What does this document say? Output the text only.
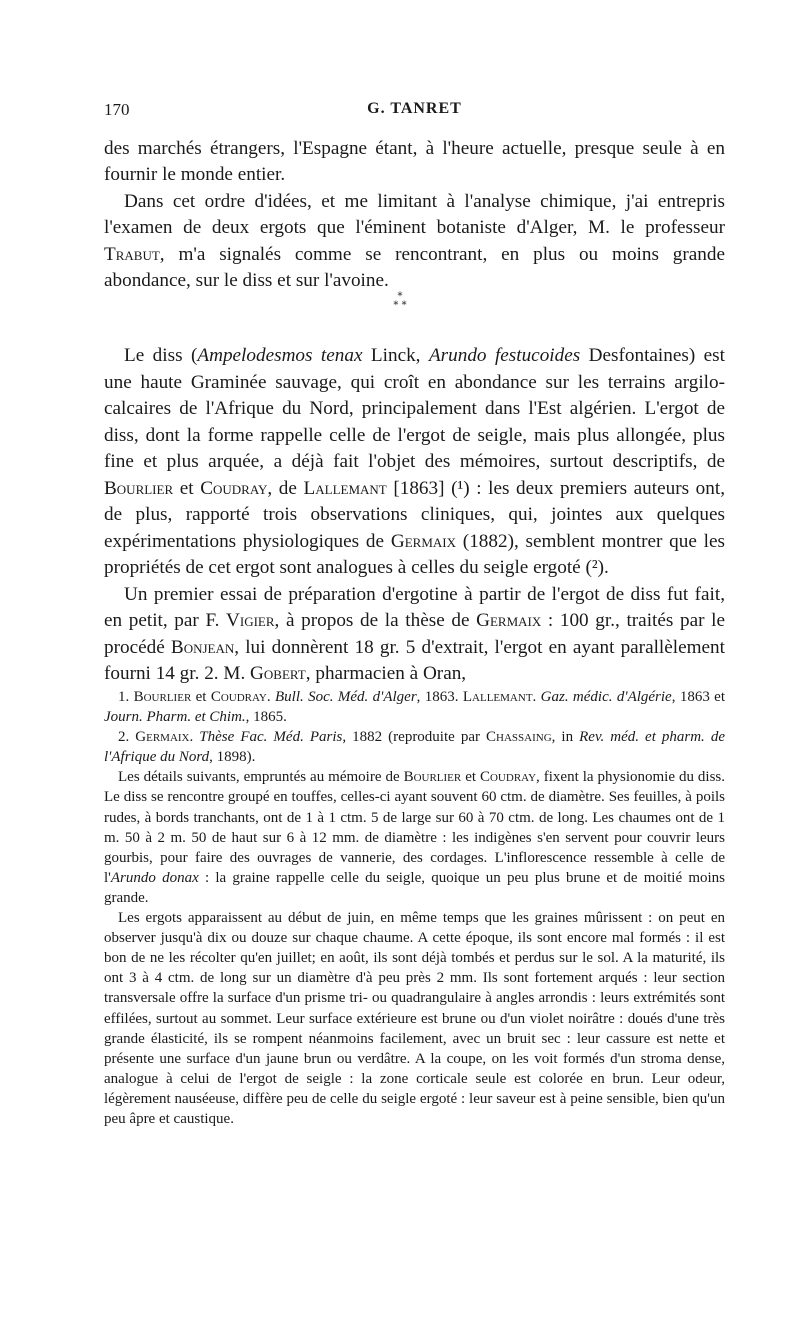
170	G. TANRET

des marchés étrangers, l'Espagne étant, à l'heure actuelle, presque seule à en fournir le monde entier.

Dans cet ordre d'idées, et me limitant à l'analyse chimique, j'ai entrepris l'examen de deux ergots que l'éminent botaniste d'Alger, M. le professeur Trabut, m'a signalés comme se rencontrant, en plus ou moins grande abondance, sur le diss et sur l'avoine.

*
* *

Le diss (Ampelodesmos tenax Linck, Arundo festucoides Desfontaines) est une haute Graminée sauvage, qui croît en abondance sur les terrains argilo-calcaires de l'Afrique du Nord, principalement dans l'Est algérien. L'ergot de diss, dont la forme rappelle celle de l'ergot de seigle, mais plus allongée, plus fine et plus arquée, a déjà fait l'objet des mémoires, surtout descriptifs, de Bourlier et Coudray, de Lallemant [1863] (¹) : les deux premiers auteurs ont, de plus, rapporté trois observations cliniques, qui, jointes aux quelques expérimentations physiologiques de Germaix (1882), semblent montrer que les propriétés de cet ergot sont analogues à celles du seigle ergoté (²).

Un premier essai de préparation d'ergotine à partir de l'ergot de diss fut fait, en petit, par F. Vigier, à propos de la thèse de Germaix : 100 gr., traités par le procédé Bonjean, lui donnèrent 18 gr. 5 d'extrait, l'ergot en ayant parallèlement fourni 14 gr. 2. M. Gobert, pharmacien à Oran,

1. Bourlier et Coudray. Bull. Soc. Méd. d'Alger, 1863. Lallemant. Gaz. médic. d'Algérie, 1863 et Journ. Pharm. et Chim., 1865.

2. Germaix. Thèse Fac. Méd. Paris, 1882 (reproduite par Chassaing, in Rev. méd. et pharm. de l'Afrique du Nord, 1898).

Les détails suivants, empruntés au mémoire de Bourlier et Coudray, fixent la physionomie du diss. Le diss se rencontre groupé en touffes, celles-ci ayant souvent 60 ctm. de diamètre. Ses feuilles, à poils rudes, à bords tranchants, ont de 1 à 1 ctm. 5 de large sur 60 à 70 ctm. de long. Les chaumes ont de 1 m. 50 à 2 m. 50 de haut sur 6 à 12 mm. de diamètre : les indigènes s'en servent pour couvrir leurs gourbis, pour faire des ouvrages de vannerie, des cordages. L'inflorescence ressemble à celle de l'Arundo donax : la graine rappelle celle du seigle, quoique un peu plus brune et de moitié moins grande.

Les ergots apparaissent au début de juin, en même temps que les graines mûrissent : on peut en observer jusqu'à dix ou douze sur chaque chaume. A cette époque, ils sont encore mal formés : il est bon de ne les récolter qu'en juillet; en août, ils sont déjà tombés et perdus sur le sol. A la maturité, ils ont 3 à 4 ctm. de long sur un diamètre d'à peu près 2 mm. Ils sont fortement arqués : leur section transversale offre la surface d'un prisme tri- ou quadrangulaire à angles arrondis : leurs extrémités sont effilées, surtout au sommet. Leur surface extérieure est brune ou d'un violet noirâtre : doués d'une très grande élasticité, ils se rompent néanmoins facilement, avec un bruit sec : leur cassure est nette et présente une surface d'un jaune brun ou verdâtre. A la coupe, on les voit formés d'un stroma dense, analogue à celui de l'ergot de seigle : la zone corticale seule est colorée en brun. Leur odeur, légèrement nauséeuse, diffère peu de celle du seigle ergoté : leur saveur est à peine sensible, bien qu'un peu âpre et caustique.
